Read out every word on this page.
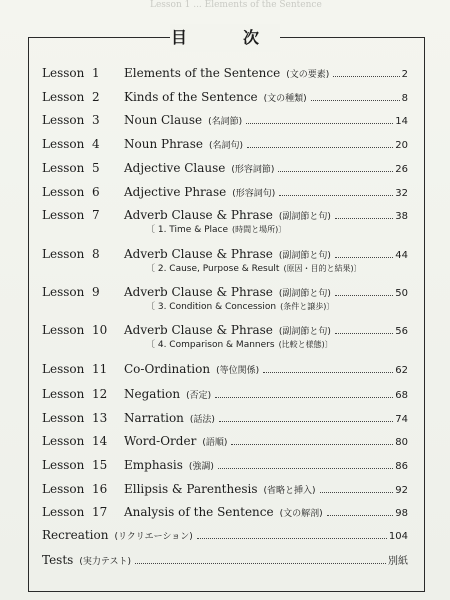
Lesson 1 ... Elements of the Sentence
目　次
Lesson 1	Elements of the Sentence (文の要素)	2
Lesson 2	Kinds of the Sentence (文の種類)	8
Lesson 3	Noun Clause (名詞節)	14
Lesson 4	Noun Phrase (名詞句)	20
Lesson 5	Adjective Clause (形容詞節)	26
Lesson 6	Adjective Phrase (形容詞句)	32
Lesson 7	Adverb Clause & Phrase (副詞節と句)	38
〔 1. Time & Place (時間と場所)〕
Lesson 8	Adverb Clause & Phrase (副詞節と句)	44
〔 2. Cause, Purpose & Result (原因・目的と結果)〕
Lesson 9	Adverb Clause & Phrase (副詞節と句)	50
〔 3. Condition & Concession (条件と譲歩)〕
Lesson 10	Adverb Clause & Phrase (副詞節と句)	56
〔 4. Comparison & Manners (比較と様態)〕
Lesson 11	Co-Ordination (等位関係)	62
Lesson 12	Negation (否定)	68
Lesson 13	Narration (話法)	74
Lesson 14	Word-Order (語順)	80
Lesson 15	Emphasis (強調)	86
Lesson 16	Ellipsis & Parenthesis (省略と挿入)	92
Lesson 17	Analysis of the Sentence (文の解剖)	98
Recreation (リクリエーション)	104
Tests (実力テスト)	別紙
